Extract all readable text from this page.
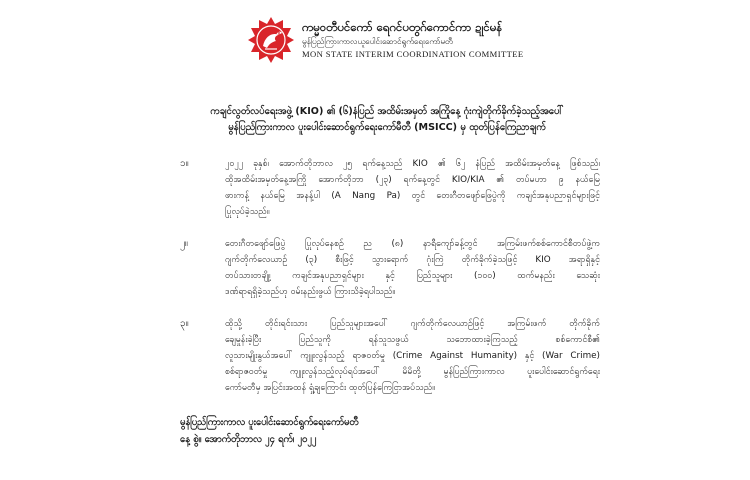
ကမ္မဝတီပင်ကော် ရေဂင်ပတွဂ်ကောင်ကာ ဍုင်မန်
မွန်ပြည်ကြားကာလယူပေါင်းဆောင်ရွက်ရေးကော်မတီ
MON STATE INTERIM COORDINATION COMMITTEE
ကချင်လွတ်လပ်ရေးအဖွဲ့ (KIO) ၏ (၆)နံပြည် အထိမ်းအမှတ် အကြိုနေ့ ဂုံးကျဲတိုက်ခိုက်ခဲ့သည့်အပေါ်
မွန်ပြည်ကြားကာလ ပူးပေါင်းဆောင်ရွက်ရေးကော်မီတီ (MSICC) မှ ထုတ်ပြန်ကြေညာချက်
၁။	၂၀၂၂ ခုနှစ်၊ အောက်တိုဘာလ ၂၅ ရက်နေ့သည် KIO ၏ ၆၂ နံပြည် အထိမ်းအမှတ်နေ့ ဖြစ်သည်၊
ထိုအထိမ်းအမှတ်နေ့အကြို အောက်တိုဘာ (၂၃) ရက်နေ့တွင် KIO/KIA ၏ တပ်မဟာ ၉ နယ်မြေ
ဖားကန့် နယ်မြေ အနန့်ပါ (A Nang Pa) တွင် တေးဂီတဖျော်ဖြေပွဲကို ကချင်အနုပညာရှင်များဖြင့်
ပြုလုပ်ခဲ့သည်။
၂။	တေးဂီတဖျော်ဖြေပွဲ ပြုလုပ်နေစဉ် ည (၈) နာရီကျော်ခန့်တွင် အကြမ်းဖက်စစ်ကောင်စီတပ်ဖွဲ့က
ဂျက်တိုက်လေယာဉ် (၃) စီးဖြင့် သွားရောက် ဂုံးကြဲ တိုက်ခိုက်ခဲ့သဖြင့် KIO အရာရှိနှင့်
တပ်သားတချို့၊ ကချင်အနုပညာရှင်များ နှင့် ပြည်သူများ (၁၀၀) ထက်မနည်း သေဆုံး
ဒဏ်ရာရရှိခဲ့သည်ဟု ဝမ်းနည်းဖွယ် ကြားသိခဲ့ရပါသည်။
၃။	ထိုသို့ တိုင်းရင်းသား ပြည်သူများအပေါ် ဂျက်တိုက်လေယာဉ်ဖြင့် အကြမ်းဖက် တိုက်ခိုက်
ချေမှုန်းခဲ့ပြီး ပြည်သူကို ရန်သူသဖွယ် သဘောထားခဲ့ကြသည့် စစ်ကောင်စီ၏
လူသားမျိုးနွယ်အပေါ် ကျူးလွန်သည့် ရာဇဝတ်မှု (Crime Against Humanity) နှင့် (War Crime)
စစ်ရာဇဝတ်မှု ကျူးလွန်သည့်လုပ်ရပ်အပေါ် မိမိတို့ မွန်ပြည်ကြားကာလ ပူးပေါင်းဆောင်ရွက်ရေး
ကော်မတီမှ အပြင်းအထန် ရှုံ့ချကြောင်း ထုတ်ပြန်ကြေငြာအပ်သည်။
မွန်ပြည်ကြားကာလ ပူးပေါင်းဆောင်ရွက်ရေးကော်မတီ
နေ့ စွဲ။ အောက်တိုဘာလ ၂၄ ရက်၊ ၂၀၂၂
